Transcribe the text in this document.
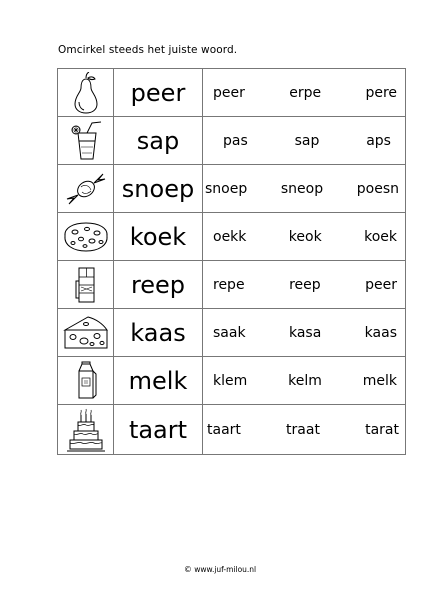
Omcirkel steeds het juiste woord.
	peer	peer erpe pere

	sap	pas sap aps

	snoep	snoep sneop poesn

	koek	oekk keok koek

	reep	repe reep peer

	kaas	saak kasa kaas

	melk	klem kelm melk

	taart	taart traat tarat
© www.juf-milou.nl
